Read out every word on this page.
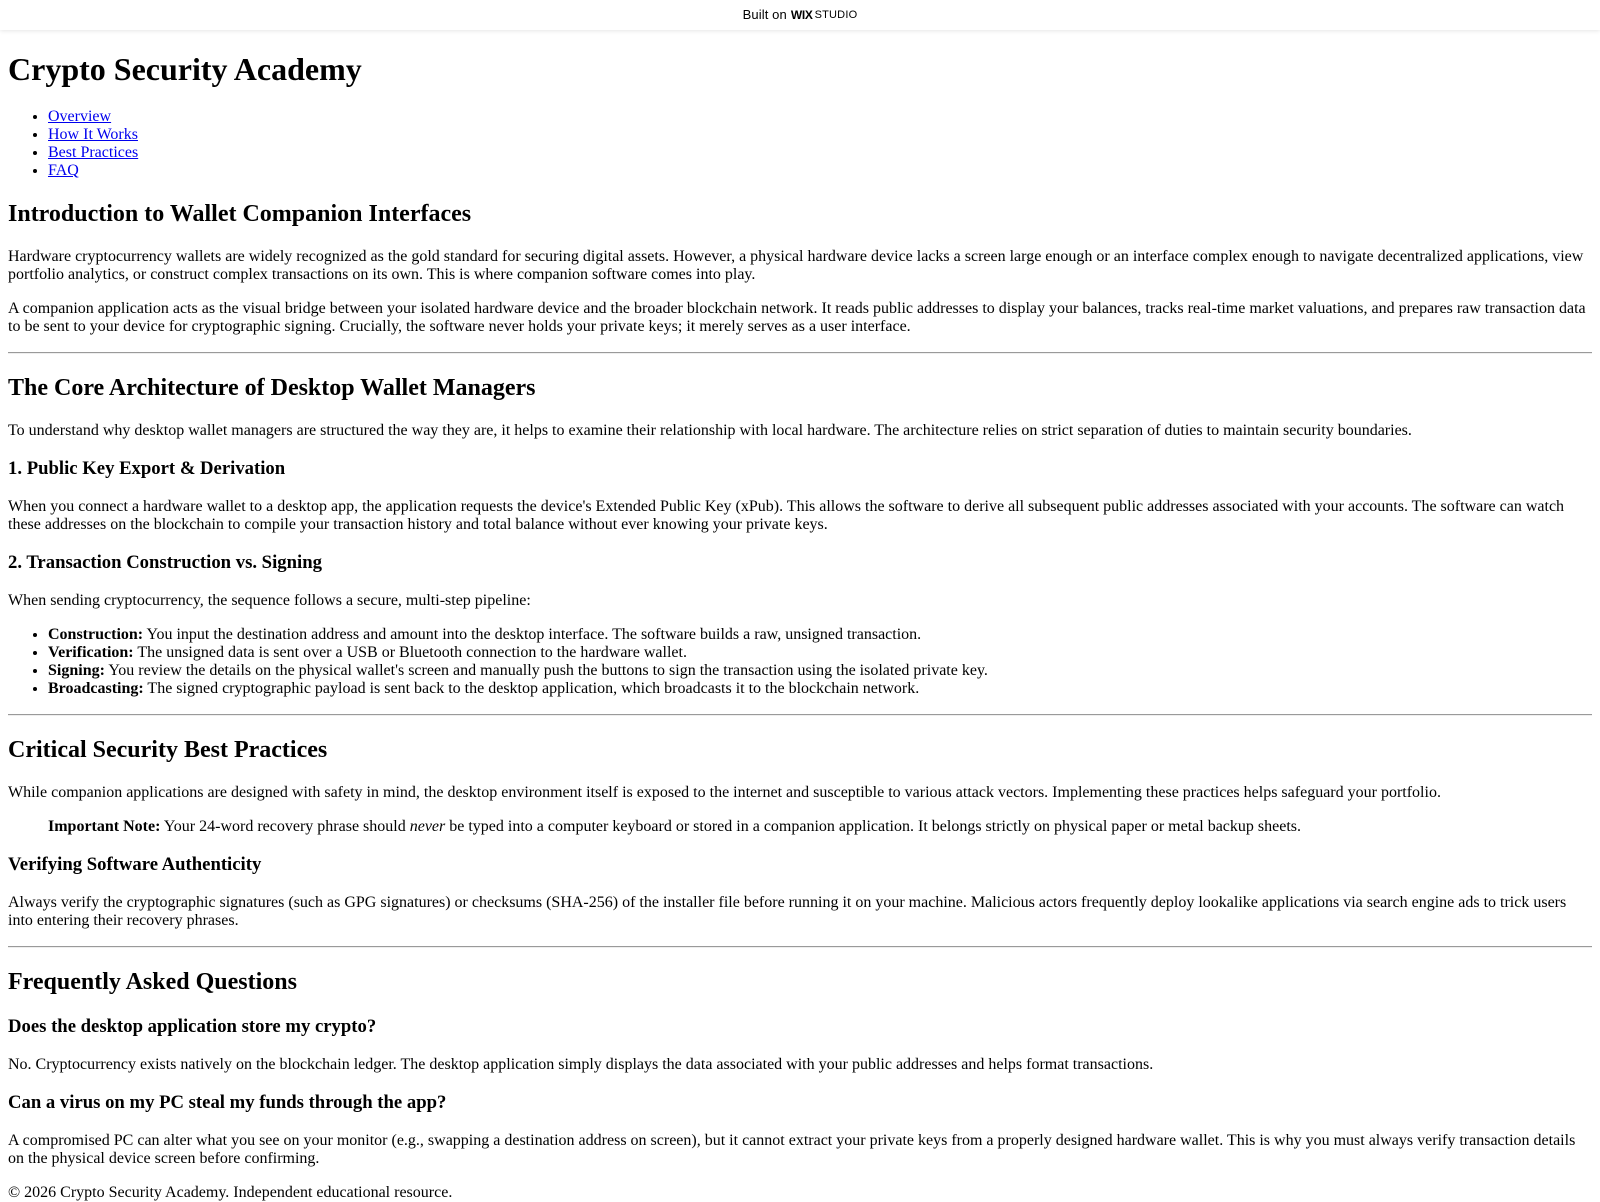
Built on WIX STUDIO
Crypto Security Academy
• Overview
• How It Works
• Best Practices
• FAQ
Introduction to Wallet Companion Interfaces

Hardware cryptocurrency wallets are widely recognized as the gold standard for securing digital assets. However, a physical hardware device lacks a screen large enough or an interface complex enough to navigate decentralized applications, view portfolio analytics, or construct complex transactions on its own. This is where companion software comes into play.

A companion application acts as the visual bridge between your isolated hardware device and the broader blockchain network. It reads public addresses to display your balances, tracks real-time market valuations, and prepares raw transaction data to be sent to your device for cryptographic signing. Crucially, the software never holds your private keys; it merely serves as a user interface.

The Core Architecture of Desktop Wallet Managers

To understand why desktop wallet managers are structured the way they are, it helps to examine their relationship with local hardware. The architecture relies on strict separation of duties to maintain security boundaries.

1. Public Key Export & Derivation

When you connect a hardware wallet to a desktop app, the application requests the device's Extended Public Key (xPub). This allows the software to derive all subsequent public addresses associated with your accounts. The software can watch these addresses on the blockchain to compile your transaction history and total balance without ever knowing your private keys.

2. Transaction Construction vs. Signing

When sending cryptocurrency, the sequence follows a secure, multi-step pipeline:

• Construction: You input the destination address and amount into the desktop interface. The software builds a raw, unsigned transaction.
• Verification: The unsigned data is sent over a USB or Bluetooth connection to the hardware wallet.
• Signing: You review the details on the physical wallet's screen and manually push the buttons to sign the transaction using the isolated private key.
• Broadcasting: The signed cryptographic payload is sent back to the desktop application, which broadcasts it to the blockchain network.
Critical Security Best Practices

While companion applications are designed with safety in mind, the desktop environment itself is exposed to the internet and susceptible to various attack vectors. Implementing these practices helps safeguard your portfolio.

Important Note: Your 24-word recovery phrase should never be typed into a computer keyboard or stored in a companion application. It belongs strictly on physical paper or metal backup sheets.
Verifying Software Authenticity

Always verify the cryptographic signatures (such as GPG signatures) or checksums (SHA-256) of the installer file before running it on your machine. Malicious actors frequently deploy lookalike applications via search engine ads to trick users into entering their recovery phrases.

Frequently Asked Questions
Does the desktop application store my crypto?

No. Cryptocurrency exists natively on the blockchain ledger. The desktop application simply displays the data associated with your public addresses and helps format transactions.

Can a virus on my PC steal my funds through the app?

A compromised PC can alter what you see on your monitor (e.g., swapping a destination address on screen), but it cannot extract your private keys from a properly designed hardware wallet. This is why you must always verify transaction details on the physical device screen before confirming.

© 2026 Crypto Security Academy. Independent educational resource.
